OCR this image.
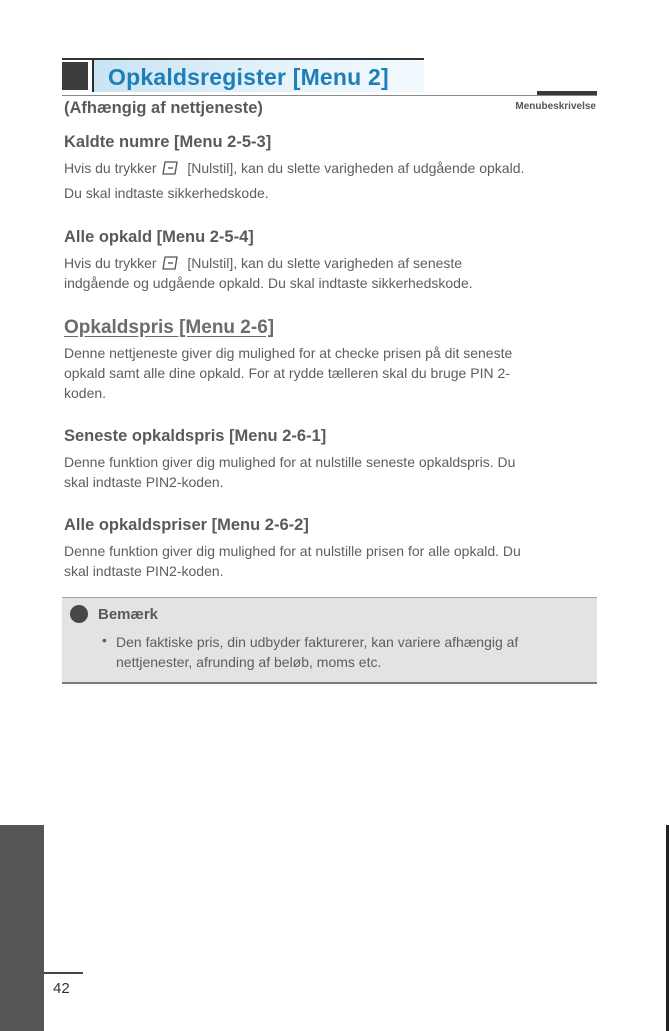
Opkaldsregister [Menu 2]
Menubeskrivelse
(Afhængig af nettjeneste)
Kaldte numre [Menu 2-5-3]
Hvis du trykker [Nulstil], kan du slette varigheden af udgående opkald.
Du skal indtaste sikkerhedskode.
Alle opkald [Menu 2-5-4]
Hvis du trykker [Nulstil], kan du slette varigheden af seneste
indgående og udgående opkald. Du skal indtaste sikkerhedskode.
Opkaldspris [Menu 2-6]
Denne nettjeneste giver dig mulighed for at checke prisen på dit seneste
opkald samt alle dine opkald. For at rydde tælleren skal du bruge PIN 2-
koden.
Seneste opkaldspris [Menu 2-6-1]
Denne funktion giver dig mulighed for at nulstille seneste opkaldspris. Du
skal indtaste PIN2-koden.
Alle opkaldspriser [Menu 2-6-2]
Denne funktion giver dig mulighed for at nulstille prisen for alle opkald. Du
skal indtaste PIN2-koden.
Bemærk
• Den faktiske pris, din udbyder fakturerer, kan variere afhængig af
nettjenester, afrunding af beløb, moms etc.
42
